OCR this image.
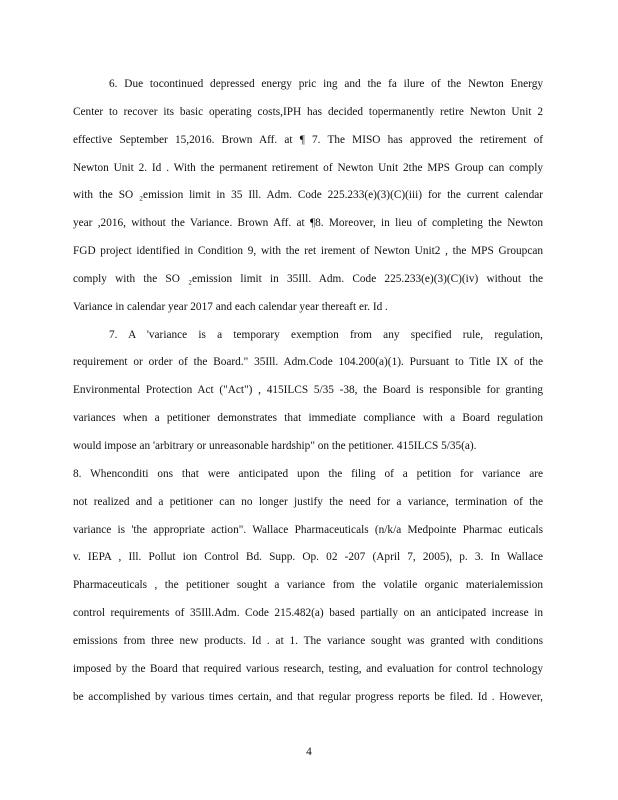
6. Due tocontinued depressed energy pric ing and the fa ilure of the Newton Energy
Center to recover its basic operating costs,IPH has decided topermanently retire Newton Unit 2
effective September 15,2016. Brown Aff. at ¶ 7. The MISO has approved the retirement of
Newton Unit 2. Id . With the permanent retirement of Newton Unit 2the MPS Group can comply
with the SO ₂emission limit in 35 Ill. Adm. Code 225.233(e)(3)(C)(iii) for the current calendar
year ,2016, without the Variance. Brown Aff. at ¶8. Moreover, in lieu of completing the Newton
FGD project identified in Condition 9, with the ret irement of Newton Unit2 , the MPS Groupcan
comply with the SO ₂emission limit in 35Ill. Adm. Code 225.233(e)(3)(C)(iv) without the
Variance in calendar year 2017 and each calendar year thereaft er. Id .
7. A 'variance is a temporary exemption from any specified rule, regulation,
requirement or order of the Board." 35Ill. Adm.Code 104.200(a)(1). Pursuant to Title IX of the
Environmental Protection Act ("Act") , 415ILCS 5/35 -38, the Board is responsible for granting
variances when a petitioner demonstrates that immediate compliance with a Board regulation
would impose an 'arbitrary or unreasonable hardship" on the petitioner. 415ILCS 5/35(a).
8. Whenconditi ons that were anticipated upon the filing of a petition for variance are
not realized and a petitioner can no longer justify the need for a variance, termination of the
variance is 'the appropriate action". Wallace Pharmaceuticals (n/k/a Medpointe Pharmac euticals
v. IEPA , Ill. Pollut ion Control Bd. Supp. Op. 02 -207 (April 7, 2005), p. 3. In Wallace
Pharmaceuticals , the petitioner sought a variance from the volatile organic materialemission
control requirements of 35Ill.Adm. Code 215.482(a) based partially on an anticipated increase in
emissions from three new products. Id . at 1. The variance sought was granted with conditions
imposed by the Board that required various research, testing, and evaluation for control technology
be accomplished by various times certain, and that regular progress reports be filed. Id . However,
4
